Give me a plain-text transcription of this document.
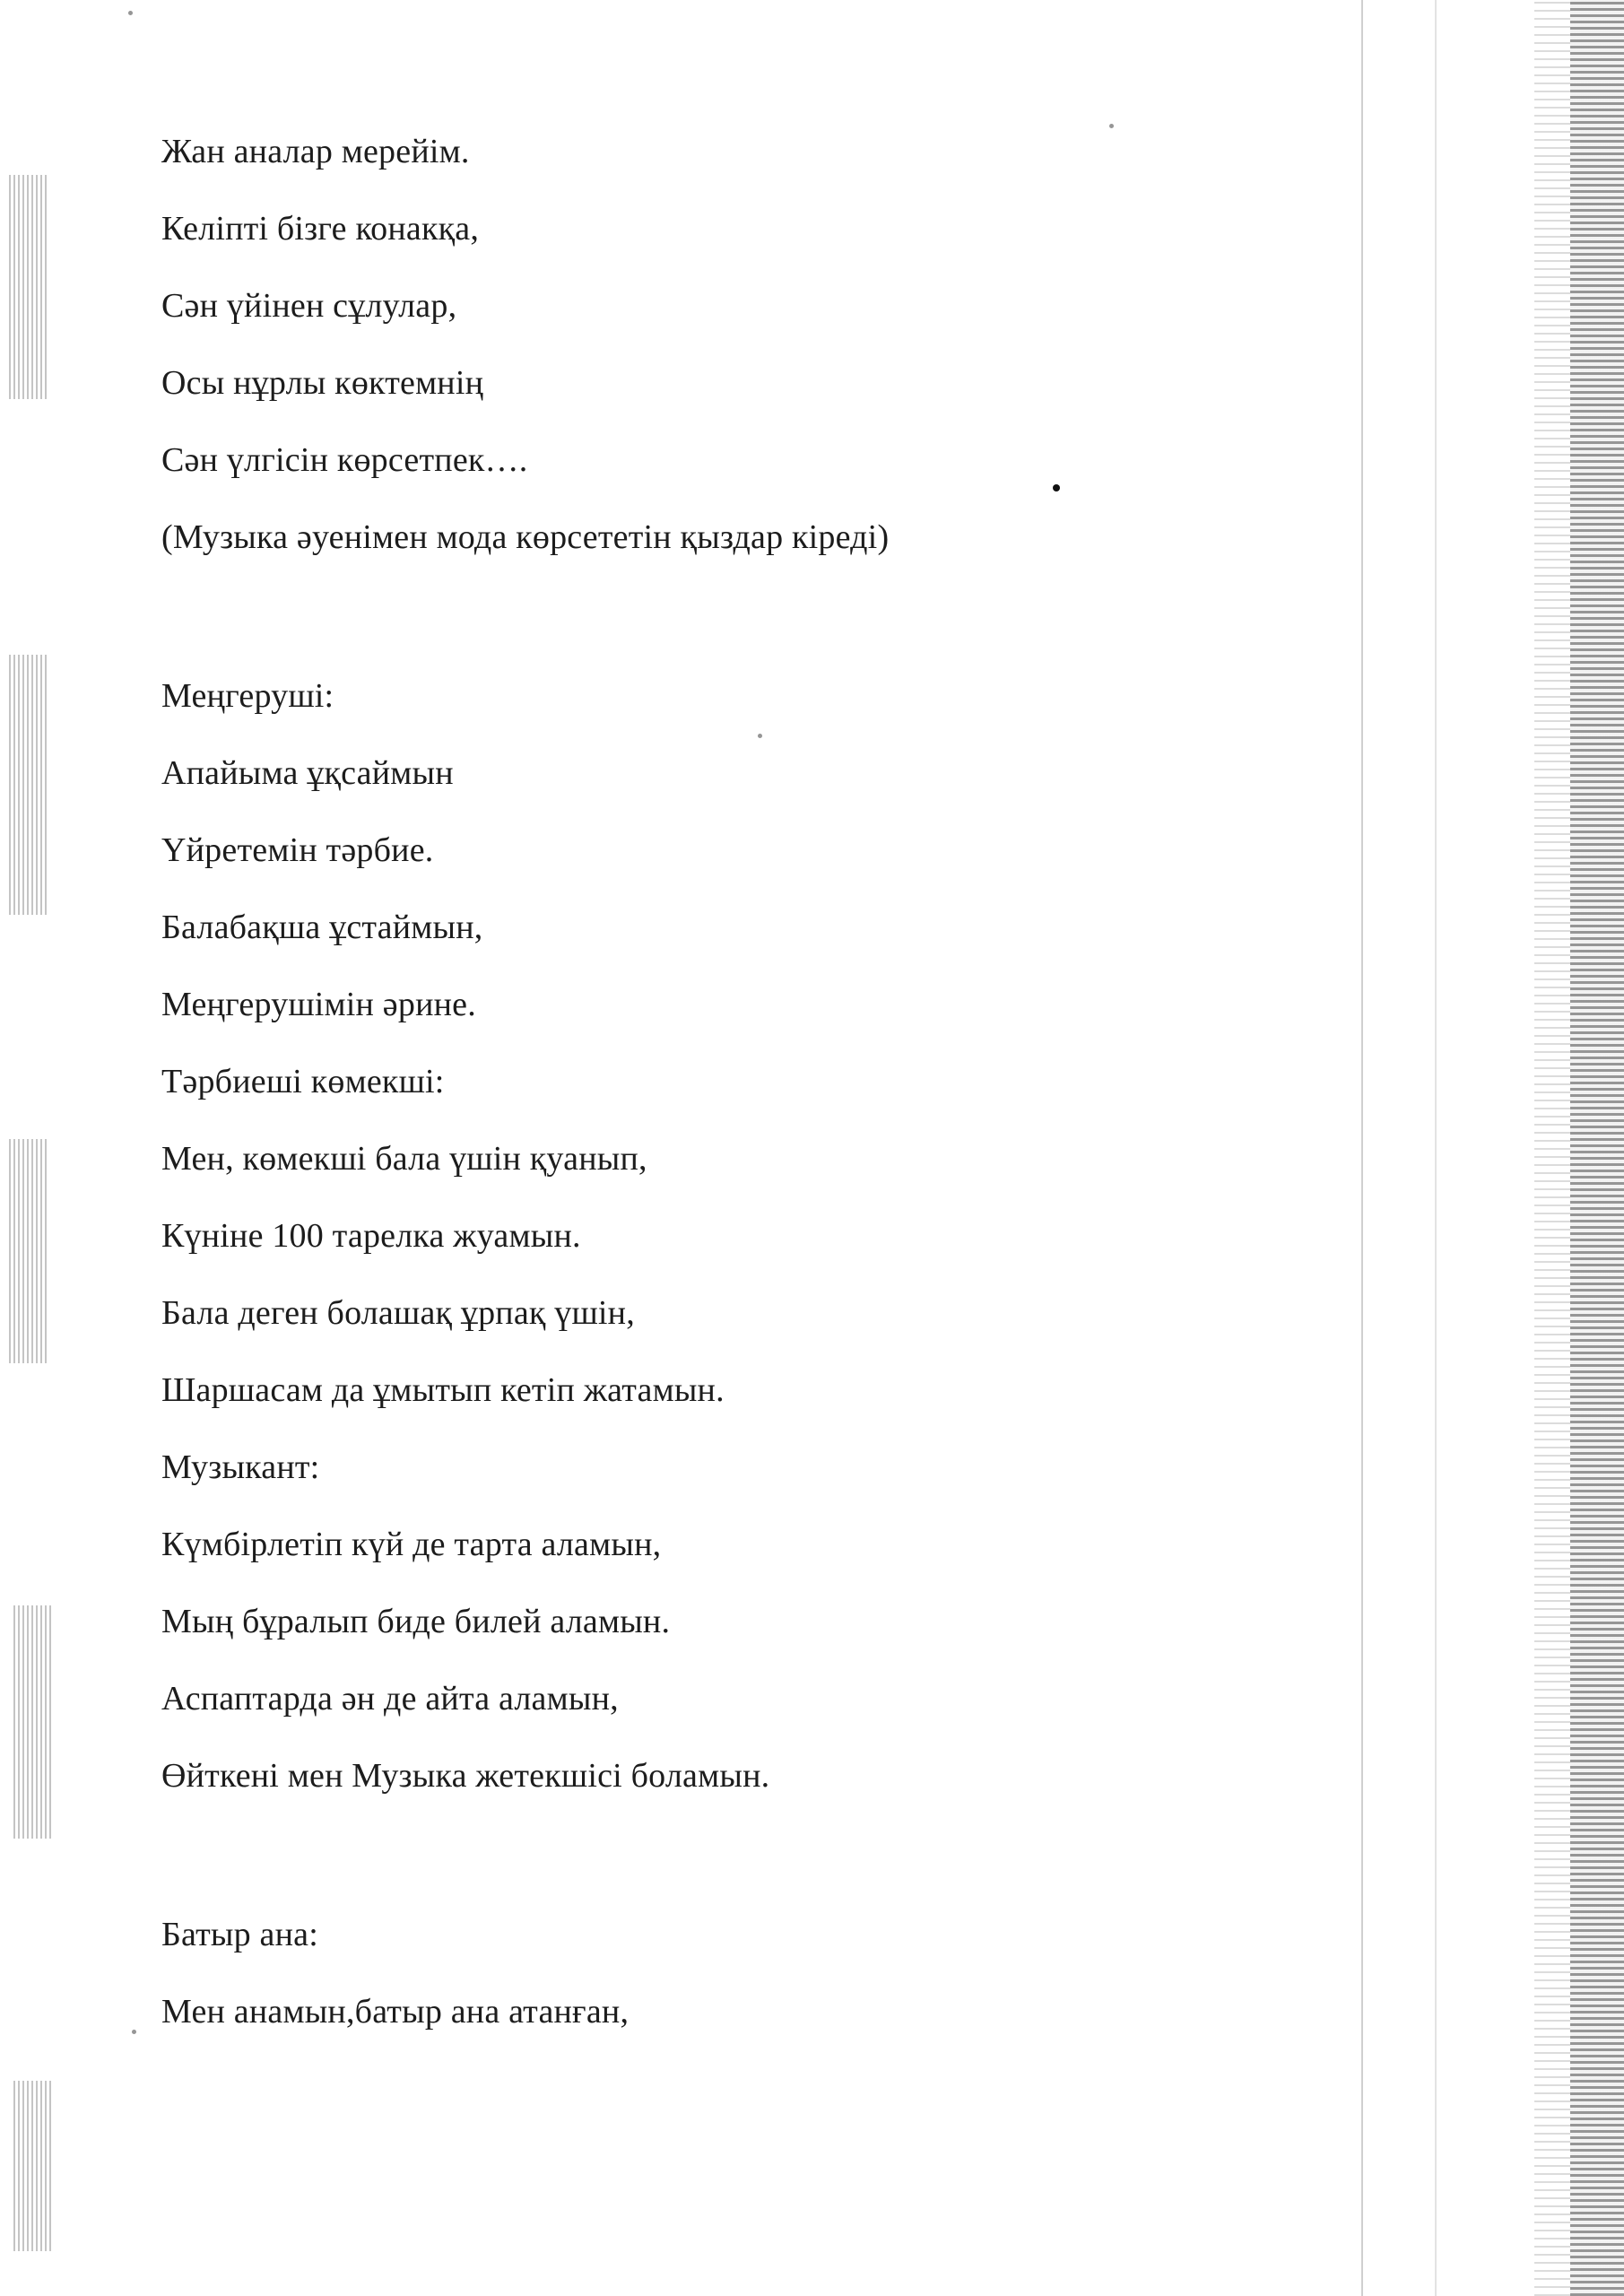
Жан аналар мерейім.
Келіпті бізге конакқа,
Сән үйінен сұлулар,
Осы нұрлы көктемнің
Сән үлгісін көрсетпек….
(Музыка әуенімен мода көрсететін қыздар кіреді)
Меңгеруші:
Апайыма ұқсаймын
Үйретемін тәрбие.
Балабақша ұстаймын,
Меңгерушімін әрине.
Тәрбиеші көмекші:
Мен, көмекші бала үшін қуанып,
Күніне 100 тарелка жуамын.
Бала деген болашақ ұрпақ үшін,
Шаршасам да ұмытып кетіп жатамын.
Музыкант:
Күмбірлетіп күй де тарта аламын,
Мың бұралып биде билей аламын.
Аспаптарда ән де айта аламын,
Өйткені мен Музыка жетекшісі боламын.
Батыр ана:
Мен анамын,батыр ана атанған,
